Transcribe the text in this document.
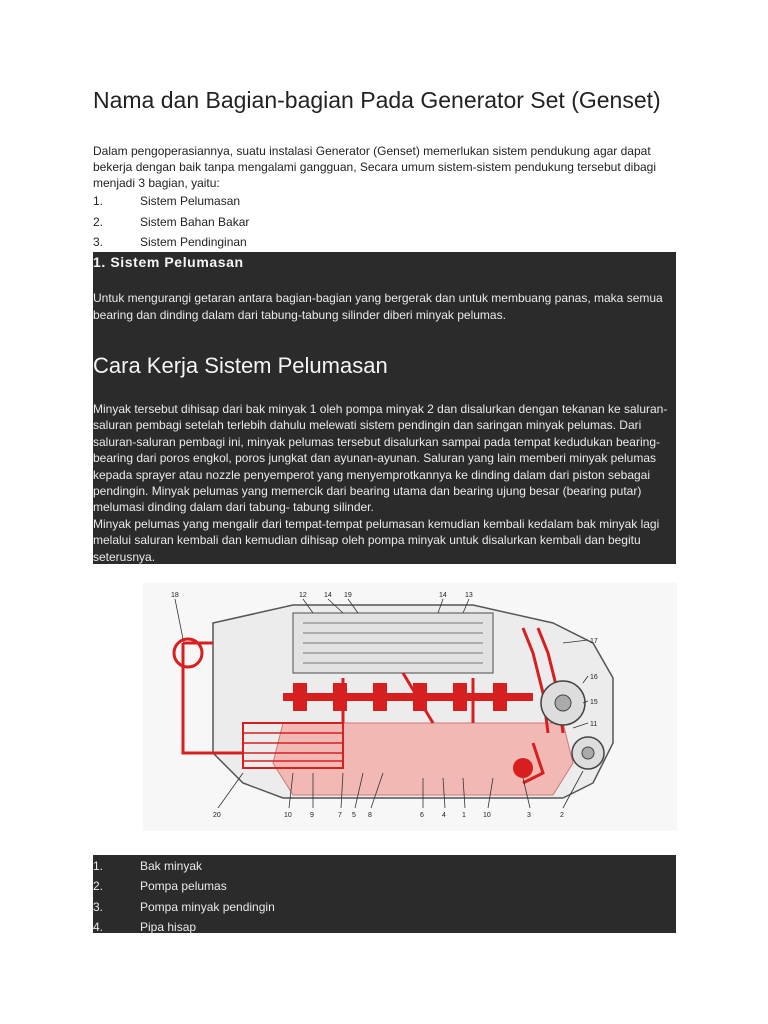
Nama dan Bagian-bagian Pada Generator Set (Genset)

Dalam pengoperasiannya, suatu instalasi Generator (Genset) memerlukan sistem pendukung agar dapat bekerja dengan baik tanpa mengalami gangguan, Secara umum sistem-sistem pendukung tersebut dibagi menjadi 3 bagian, yaitu:

1.	Sistem Pelumasan
2.	Sistem Bahan Bakar
3.	Sistem Pendinginan
1. Sistem Pelumasan

Untuk mengurangi getaran antara bagian-bagian yang bergerak dan untuk membuang panas, maka semua bearing dan dinding dalam dari tabung-tabung silinder diberi minyak pelumas.

Cara Kerja Sistem Pelumasan
Minyak tersebut dihisap dari bak minyak 1 oleh pompa minyak 2 dan disalurkan dengan tekanan ke saluran-saluran pembagi setelah terlebih dahulu melewati sistem pendingin dan saringan minyak pelumas. Dari saluran-saluran pembagi ini, minyak pelumas tersebut disalurkan sampai pada tempat kedudukan bearing-bearing dari poros engkol, poros jungkat dan ayunan-ayunan. Saluran yang lain memberi minyak pelumas kepada sprayer atau nozzle penyemperot yang menyemprotkannya ke dinding dalam dari piston sebagai pendingin. Minyak pelumas yang memercik dari bearing utama dan bearing ujung besar (bearing putar) melumasi dinding dalam dari tabung- tabung silinder.
Minyak pelumas yang mengalir dari tempat-tempat pelumasan kemudian kembali kedalam bak minyak lagi melalui saluran kembali dan kemudian dihisap oleh pompa minyak untuk disalurkan kembali dan begitu seterusnya.
18	12 14 19	14	13
17
16
15
11
20	10	9	7 5 8	6	4 1 10	3	2
1.	Bak minyak
2.	Pompa pelumas
3.	Pompa minyak pendingin
4.	Pipa hisap
